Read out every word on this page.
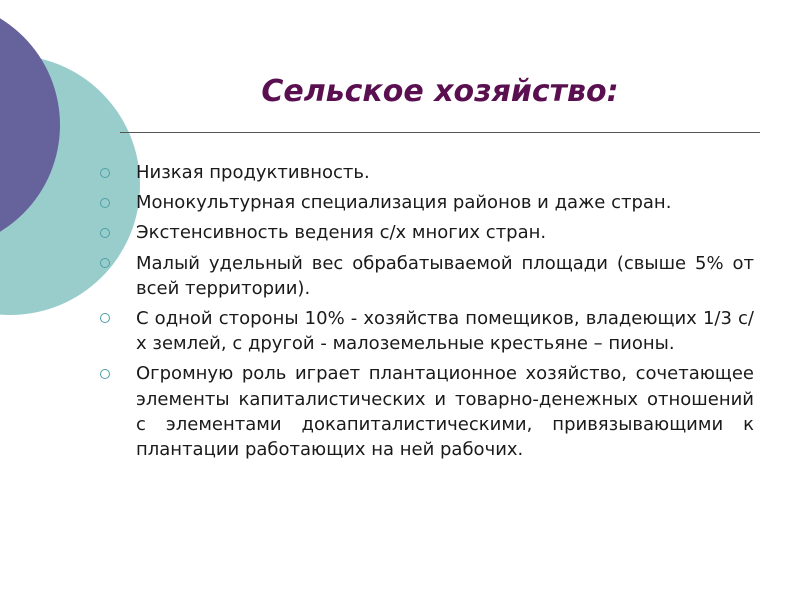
Сельское хозяйство:
Низкая продуктивность.
Монокультурная специализация районов и даже стран.
Экстенсивность ведения с/х многих стран.
Малый удельный вес обрабатываемой площади (свыше 5% от всей территории).
С одной стороны 10% - хозяйства помещиков, владеющих 1/3 с/х землей, с другой - малоземельные крестьяне – пионы.
Огромную роль играет плантационное хозяйство, сочетающее элементы капиталистических и товарно-денежных отношений с элементами докапиталистическими, привязывающими к плантации работающих на ней рабочих.
